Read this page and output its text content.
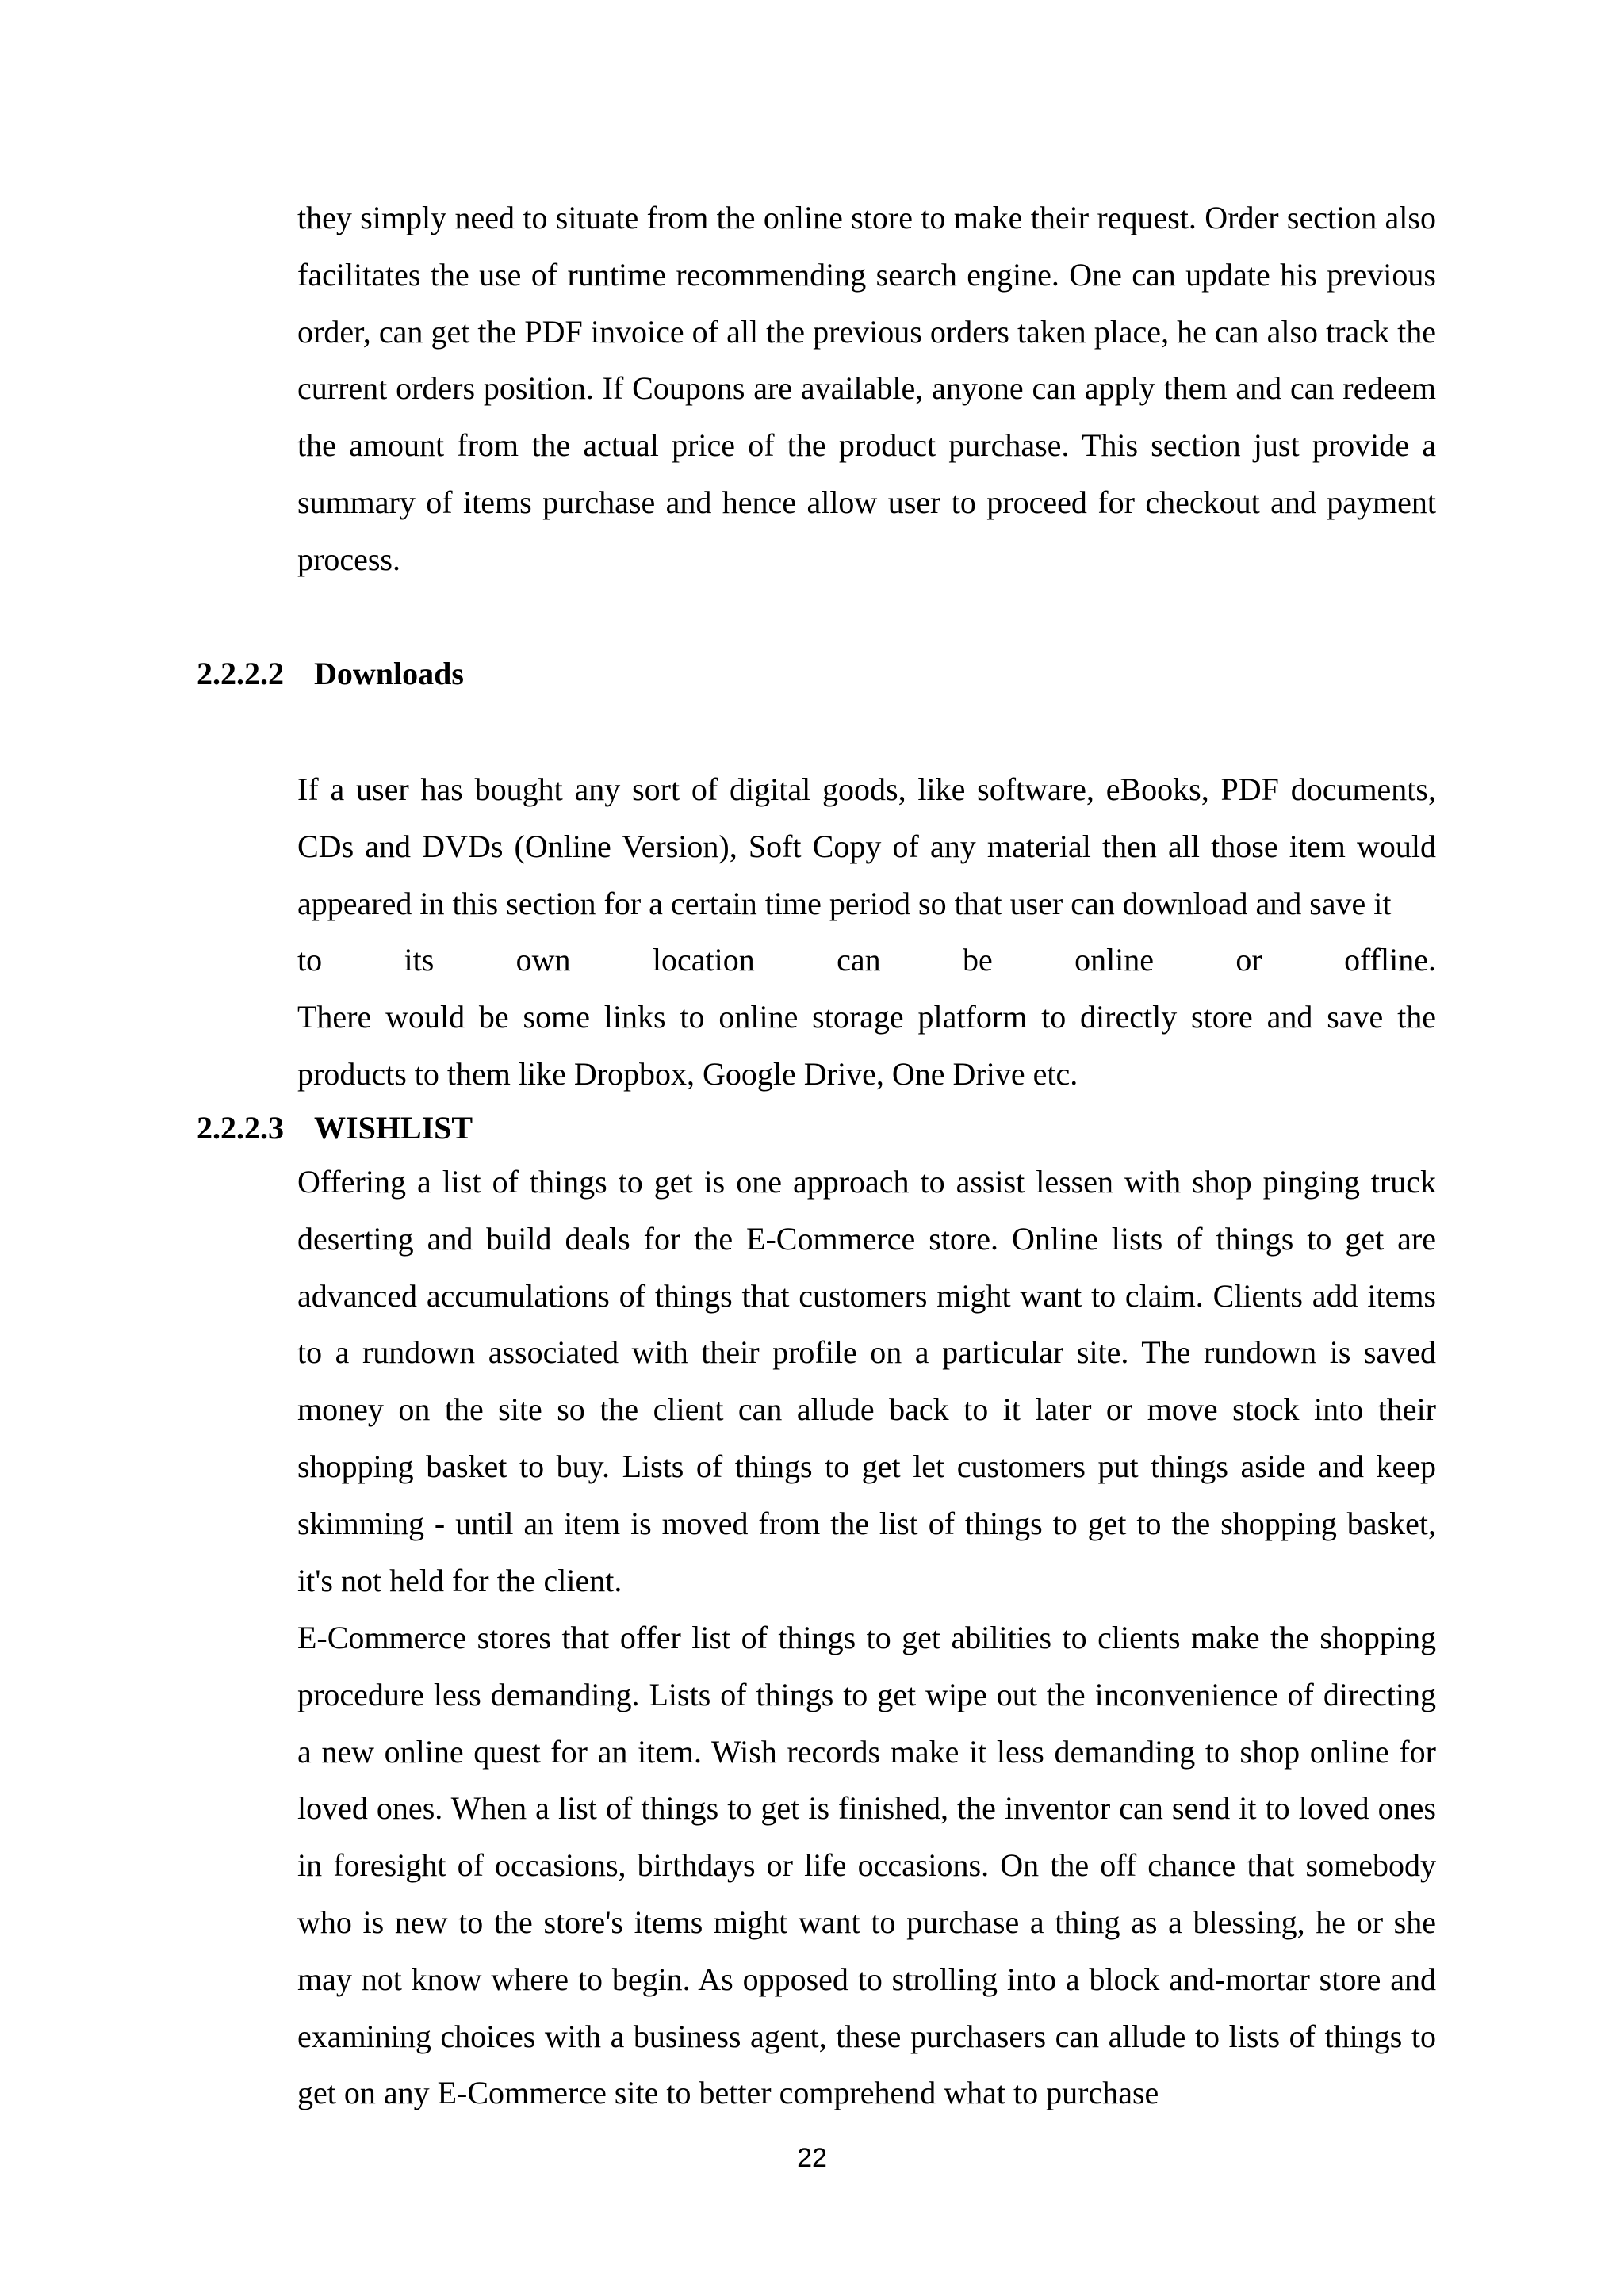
they simply need to situate from the online store to make their request. Order section also facilitates the use of runtime recommending search engine. One can update his previous order, can get the PDF invoice of all the previous orders taken place, he can also track the current orders position. If Coupons are available, anyone can apply them and can redeem the amount from the actual price of the product purchase. This section just provide a summary of items purchase and hence allow user to proceed for checkout and payment process.

2.2.2.2 Downloads
If a user has bought any sort of digital goods, like software, eBooks, PDF documents, CDs and DVDs (Online Version), Soft Copy of any material then all those item would appeared in this section for a certain time period so that user can download and save it
to its own location can be online or offline.
There would be some links to online storage platform to directly store and save the products to them like Dropbox, Google Drive, One Drive etc.
2.2.2.3 WISHLIST

Offering a list of things to get is one approach to assist lessen with shop pinging truck deserting and build deals for the E-Commerce store. Online lists of things to get are advanced accumulations of things that customers might want to claim. Clients add items to a rundown associated with their profile on a particular site. The rundown is saved money on the site so the client can allude back to it later or move stock into their shopping basket to buy. Lists of things to get let customers put things aside and keep skimming - until an item is moved from the list of things to get to the shopping basket, it's not held for the client.

E-Commerce stores that offer list of things to get abilities to clients make the shopping procedure less demanding. Lists of things to get wipe out the inconvenience of directing a new online quest for an item. Wish records make it less demanding to shop online for loved ones. When a list of things to get is finished, the inventor can send it to loved ones in foresight of occasions, birthdays or life occasions. On the off chance that somebody who is new to the store's items might want to purchase a thing as a blessing, he or she may not know where to begin. As opposed to strolling into a block and-mortar store and examining choices with a business agent, these purchasers can allude to lists of things to get on any E-Commerce site to better comprehend what to purchase

22
